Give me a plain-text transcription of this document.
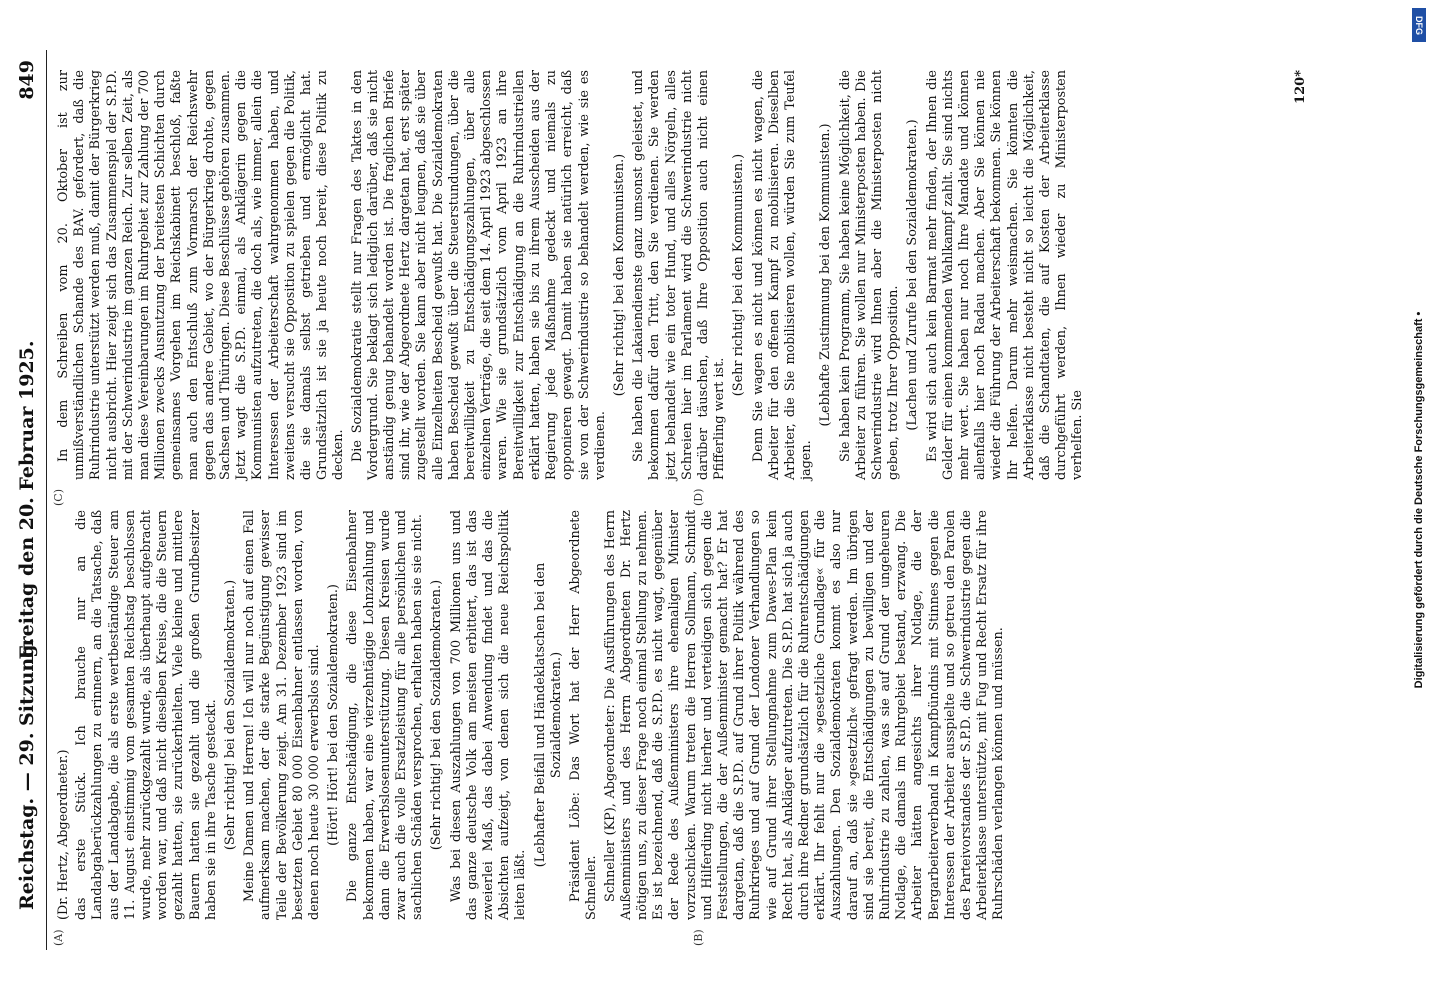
Reichstag. — 29. Sitzung.
Freitag den 20. Februar 1925.
849
(A)	(B)
(C)	(D)

(Dr. Hertz, Abgeordneter.) das erste Stück. Ich brauche nur an die Landabgaberückzahlungen zu erinnern, an die Tatsache, daß aus der Landabgabe, die als erste wertbeständige Steuer am 11. August einstimmig vom gesamten Reichstag beschlossen wurde, mehr zurückgezahlt wurde, als überhaupt aufgebracht worden war, und daß nicht dieselben Kreise, die die Steuern gezahlt hatten, sie zurückerhielten. Viele kleine und mittlere Bauern hatten sie gezahlt und die großen Grundbesitzer haben sie in ihre Tasche gesteckt. (Sehr richtig! bei den Sozialdemokraten.) Meine Damen und Herren! Ich will nur noch auf einen Fall aufmerksam machen, der die starke Begünstigung gewisser Teile der Bevölkerung zeigt. Am 31. Dezember 1923 sind im besetzten Gebiet 80 000 Eisenbahner entlassen worden, von denen noch heute 30 000 erwerbslos sind. (Hört! Hört! bei den Sozialdemokraten.) Die ganze Entschädigung, die diese Eisenbahner bekommen haben, war eine vierzehntägige Lohnzahlung und dann die Erwerbslosenunterstützung. Diesen Kreisen wurde zwar auch die volle Ersatzleistung für alle persönlichen und sachlichen Schäden versprochen, erhalten haben sie sie nicht. (Sehr richtig! bei den Sozialdemokraten.) Was bei diesen Auszahlungen von 700 Millionen uns und das ganze deutsche Volk am meisten erbittert, das ist das zweierlei Maß, das dabei Anwendung findet und das die Absichten aufzeigt, von denen sich die neue Reichspolitik leiten läßt.

(Lebhafter Beifall und Händeklatschen bei den Sozialdemokraten.) Präsident Löbe: Das Wort hat der Herr Abgeordnete Schneller. Schneller (KP), Abgeordneter: Die Ausführungen des Herrn Außenministers und des Herrn Abgeordneten Dr. Hertz nötigen uns, zu dieser Frage noch einmal Stellung zu nehmen. Es ist bezeichnend, daß die S.P.D. es nicht wagt, gegenüber der Rede des Außenministers ihre ehemaligen Minister vorzuschicken. Warum treten die Herren Sollmann, Schmidt und Hilferding nicht hierher und verteidigen sich gegen die Feststellungen, die der Außenminister gemacht hat? Er hat dargetan, daß die S.P.D. auf Grund ihrer Politik während des Ruhrkrieges und auf Grund der Londoner Verhandlungen so wie auf Grund ihrer Stellungnahme zum Dawes-Plan kein Recht hat, als Ankläger aufzutreten. Die S.P.D. hat sich ja auch durch ihre Redner grundsätzlich für die Ruhrentschädigungen erklärt. Ihr fehlt nur die »gesetzliche Grundlage« für die Auszahlungen. Den Sozialdemokraten kommt es also nur darauf an, daß sie »gesetzlich« gefragt werden. Im übrigen sind sie bereit, die Entschädigungen zu bewilligen und der Ruhrindustrie zu zahlen, was sie auf Grund der ungeheuren Notlage, die damals im Ruhrgebiet bestand, erzwang. Die Arbeiter hätten angesichts ihrer Notlage, die der Bergarbeiterverband in Kampfbündnis mit Stinnes gegen die Interessen der Arbeiter ausspielte und so getreu den Parolen des Parteivorstandes der S.P.D. die Schwerindustrie gegen die Arbeiterklasse unterstützte, mit Fug und Recht Ersatz für ihre Ruhrschäden verlangen können und müssen.

In dem Schreiben vom 20. Oktober ist zur unmißverständlichen Schande des BAV. gefordert, daß die Ruhrindustrie unterstützt werden muß, damit der Bürgerkrieg nicht ausbricht. Hier zeigt sich das Zusammenspiel der S.P.D. mit der Schwerindustrie im ganzen Reich. Zur selben Zeit, als man diese Vereinbarungen im Ruhrgebiet zur Zahlung der 700 Millionen zwecks Ausnutzung der breitesten Schichten durch gemeinsames Vorgehen im Reichskabinett beschloß, faßte man auch den Entschluß zum Vormarsch der Reichswehr gegen das andere Gebiet, wo der Bürgerkrieg drohte, gegen Sachsen und Thüringen. Diese Beschlüsse gehören zusammen. Jetzt wagt die S.P.D. einmal, als Anklägerin gegen die Kommunisten aufzutreten, die doch als, wie immer, allein die Interessen der Arbeiterschaft wahrgenommen haben, und zweitens versucht sie Opposition zu spielen gegen die Politik, die sie damals selbst getrieben und ermöglicht hat. Grundsätzlich ist sie ja heute noch bereit, diese Politik zu decken. Die Sozialdemokratie stellt nur Fragen des Taktes in den Vordergrund. Sie beklagt sich lediglich darüber, daß sie nicht anständig genug behandelt worden ist. Die fraglichen Briefe sind ihr, wie der Abgeordnete Hertz dargetan hat, erst später zugestellt worden. Sie kann aber nicht leugnen, daß sie über alle Einzelheiten Bescheid gewußt hat. Die Sozialdemokraten haben Bescheid gewußt über die Steuerstundungen, über die bereitwilligkeit zu Entschädigungszahlungen, über alle einzelnen Verträge, die seit dem 14. April 1923 abgeschlossen waren. Wie sie grundsätzlich vom April 1923 an ihre Bereitwilligkeit zur Entschädigung an die Ruhrindustriellen erklärt hatten, haben sie bis zu ihrem Ausscheiden aus der Regierung jede Maßnahme gedeckt und niemals zu opponieren gewagt. Damit haben sie natürlich erreicht, daß sie von der Schwerindustrie so behandelt werden, wie sie es verdienen.

(Sehr richtig! bei den Kommunisten.) Sie haben die Lakaiendienste ganz umsonst geleistet, und bekommen dafür den Tritt, den Sie verdienen. Sie werden jetzt behandelt wie ein toter Hund, und alles Nörgeln, alles Schreien hier im Parlament wird die Schwerindustrie nicht darüber täuschen, daß Ihre Opposition auch nicht einen Pfifferling wert ist.

(Sehr richtig! bei den Kommunisten.) Denn Sie wagen es nicht und können es nicht wagen, die Arbeiter für den offenen Kampf zu mobilisieren. Dieselben Arbeiter, die Sie mobilisieren wollen, würden Sie zum Teufel jagen.

(Lebhafte Zustimmung bei den Kommunisten.) Sie haben kein Programm, Sie haben keine Möglichkeit, die Arbeiter zu führen. Sie wollen nur Ministerposten haben. Die Schwerindustrie wird Ihnen aber die Ministerposten nicht geben, trotz Ihrer Opposition. (Lachen und Zurufe bei den Sozialdemokraten.) Es wird sich auch kein Barmat mehr finden, der Ihnen die Gelder für einen kommenden Wahlkampf zahlt. Sie sind nichts mehr wert. Sie haben nur noch Ihre Mandate und können allenfalls hier noch Radau machen. Aber Sie können nie wieder die Führung der Arbeiterschaft bekommen. Sie können Ihr helfen. Darum mehr weismachen. Sie könnten die Arbeiterklasse nicht besteht nicht so leicht die Möglichkeit, daß die Schandtaten, die auf Kosten der Arbeiterklasse durchgeführt werden, Ihnen wieder zu Ministerposten verhelfen. Sie

120*
DFG
Digitalisierung gefördert durch die Deutsche Forschungsgemeinschaft •
